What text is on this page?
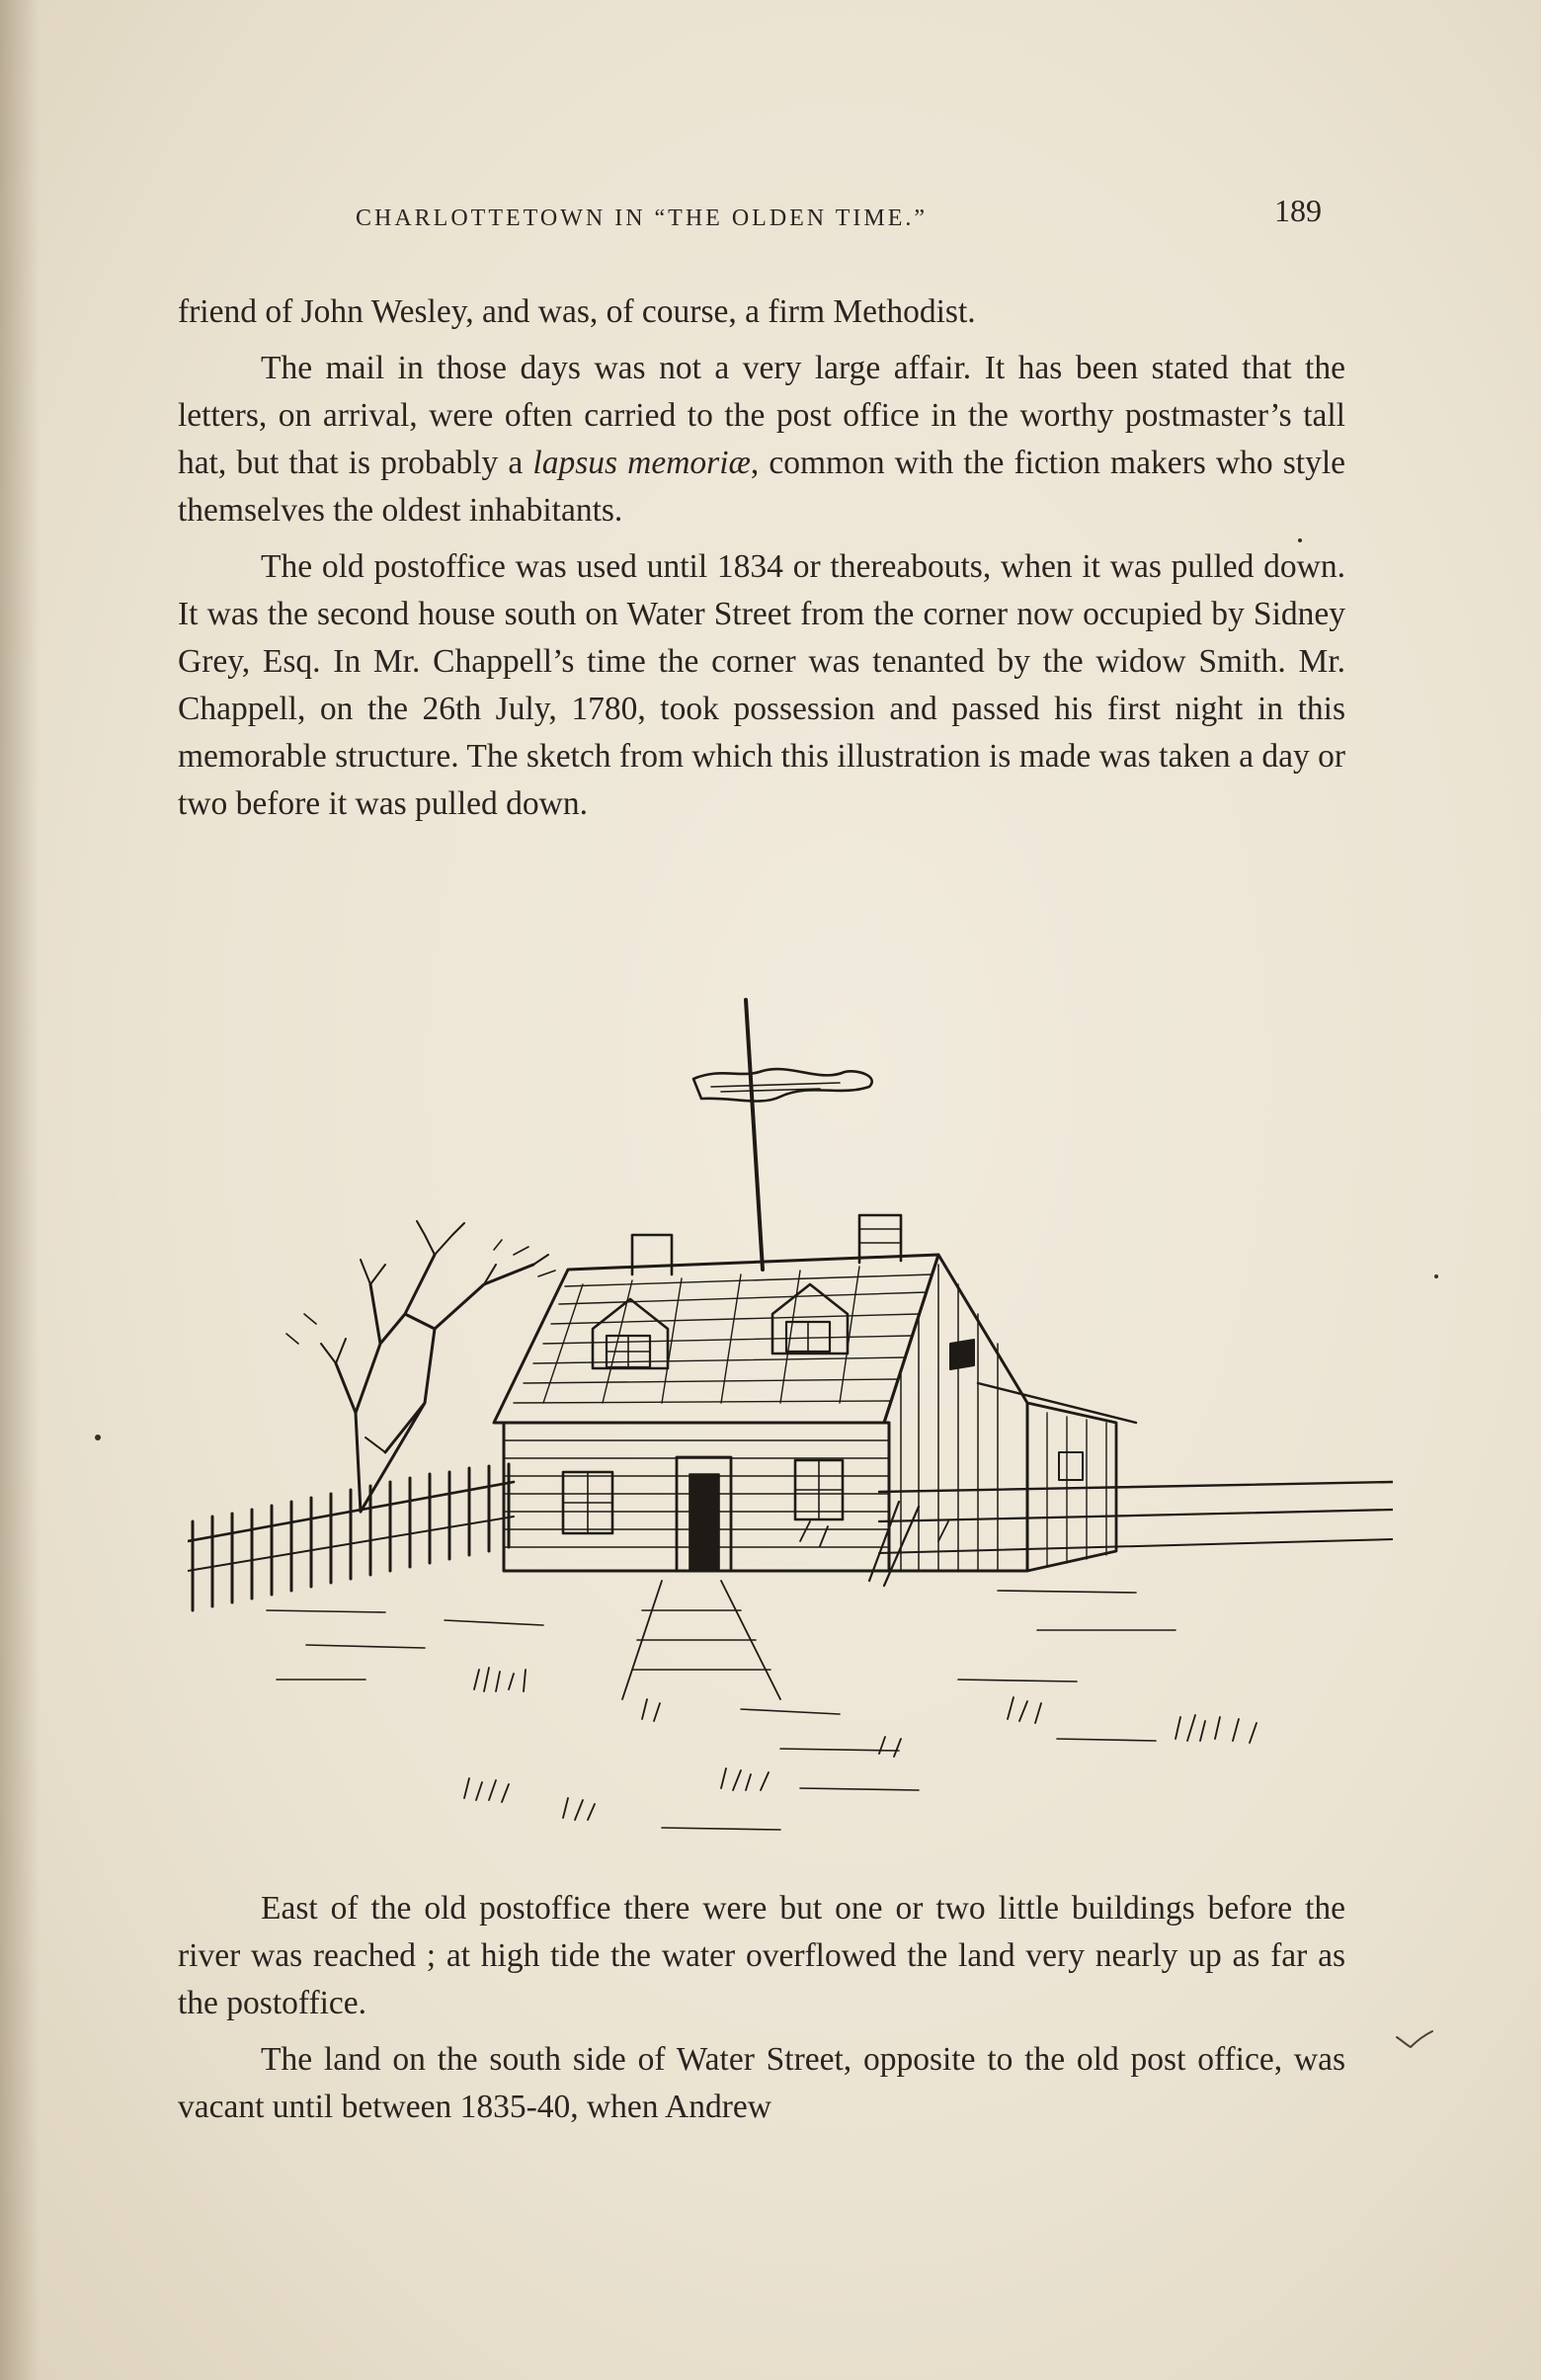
CHARLOTTETOWN IN “THE OLDEN TIME.”	189

friend of John Wesley, and was, of course, a firm Methodist.

The mail in those days was not a very large affair. It has been stated that the letters, on arrival, were often carried to the post office in the worthy postmaster’s tall hat, but that is probably a lapsus memoriæ, common with the fiction makers who style themselves the oldest inhabitants.

The old postoffice was used until 1834 or thereabouts, when it was pulled down. It was the second house south on Water Street from the corner now occupied by Sidney Grey, Esq. In Mr. Chappell’s time the corner was tenanted by the widow Smith. Mr. Chappell, on the 26th July, 1780, took possession and passed his first night in this memorable structure. The sketch from which this illustration is made was taken a day or two before it was pulled down.

East of the old postoffice there were but one or two little buildings before the river was reached ; at high tide the water overflowed the land very nearly up as far as the postoffice.

The land on the south side of Water Street, opposite to the old post office, was vacant until between 1835-40, when Andrew
